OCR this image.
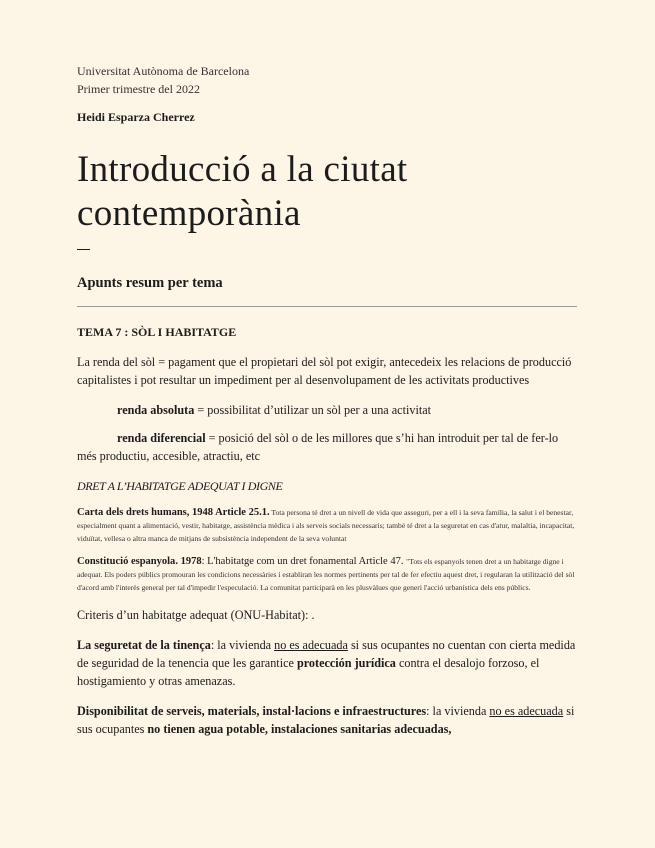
Universitat Autònoma de Barcelona
Primer trimestre del 2022
Heidi Esparza Cherrez
Introducció a la ciutat contemporània
Apunts resum per tema

TEMA 7 : SÒL I HABITATGE

La renda del sòl = pagament que el propietari del sòl pot exigir, antecedeix les relacions de producció capitalistes i pot resultar un impediment per al desenvolupament de les activitats productives

renda absoluta = possibilitat d’utilizar un sòl per a una activitat

renda diferencial = posició del sòl o de les millores que s’hi han introduit per tal de fer-lo més productiu, accesible, atractiu, etc

DRET A L’HABITATGE ADEQUAT I DIGNE

Carta dels drets humans, 1948 Article 25.1. Tota persona té dret a un nivell de vida que asseguri, per a ell i la seva família, la salut i el benestar, especialment quant a alimentació, vestir, habitatge, assistència mèdica i als serveis socials necessaris; també té dret a la seguretat en cas d'atur, malaltia, incapacitat, viduïtat, vellesa o altra manca de mitjans de subsistència independent de la seva voluntat

Constitució espanyola. 1978: L'habitatge com un dret fonamental Article 47. "Tots els espanyols tenen dret a un habitatge digne i adequat. Els poders públics promouran les condicions necessàries i establiran les normes pertinents per tal de fer efectiu aquest dret, i regularan la utilització del sòl d'acord amb l'interès general per tal d'impedir l'especulació. La comunitat participarà en les plusvàlues que generi l'acció urbanística dels ens públics.

Criteris d’un habitatge adequat (ONU-Habitat): .

La seguretat de la tinença: la vivienda no es adecuada si sus ocupantes no cuentan con cierta medida de seguridad de la tenencia que les garantice protección jurídica contra el desalojo forzoso, el hostigamiento y otras amenazas.

Disponibilitat de serveis, materials, instal·lacions e infraestructures: la vivienda no es adecuada si sus ocupantes no tienen agua potable, instalaciones sanitarias adecuadas,
